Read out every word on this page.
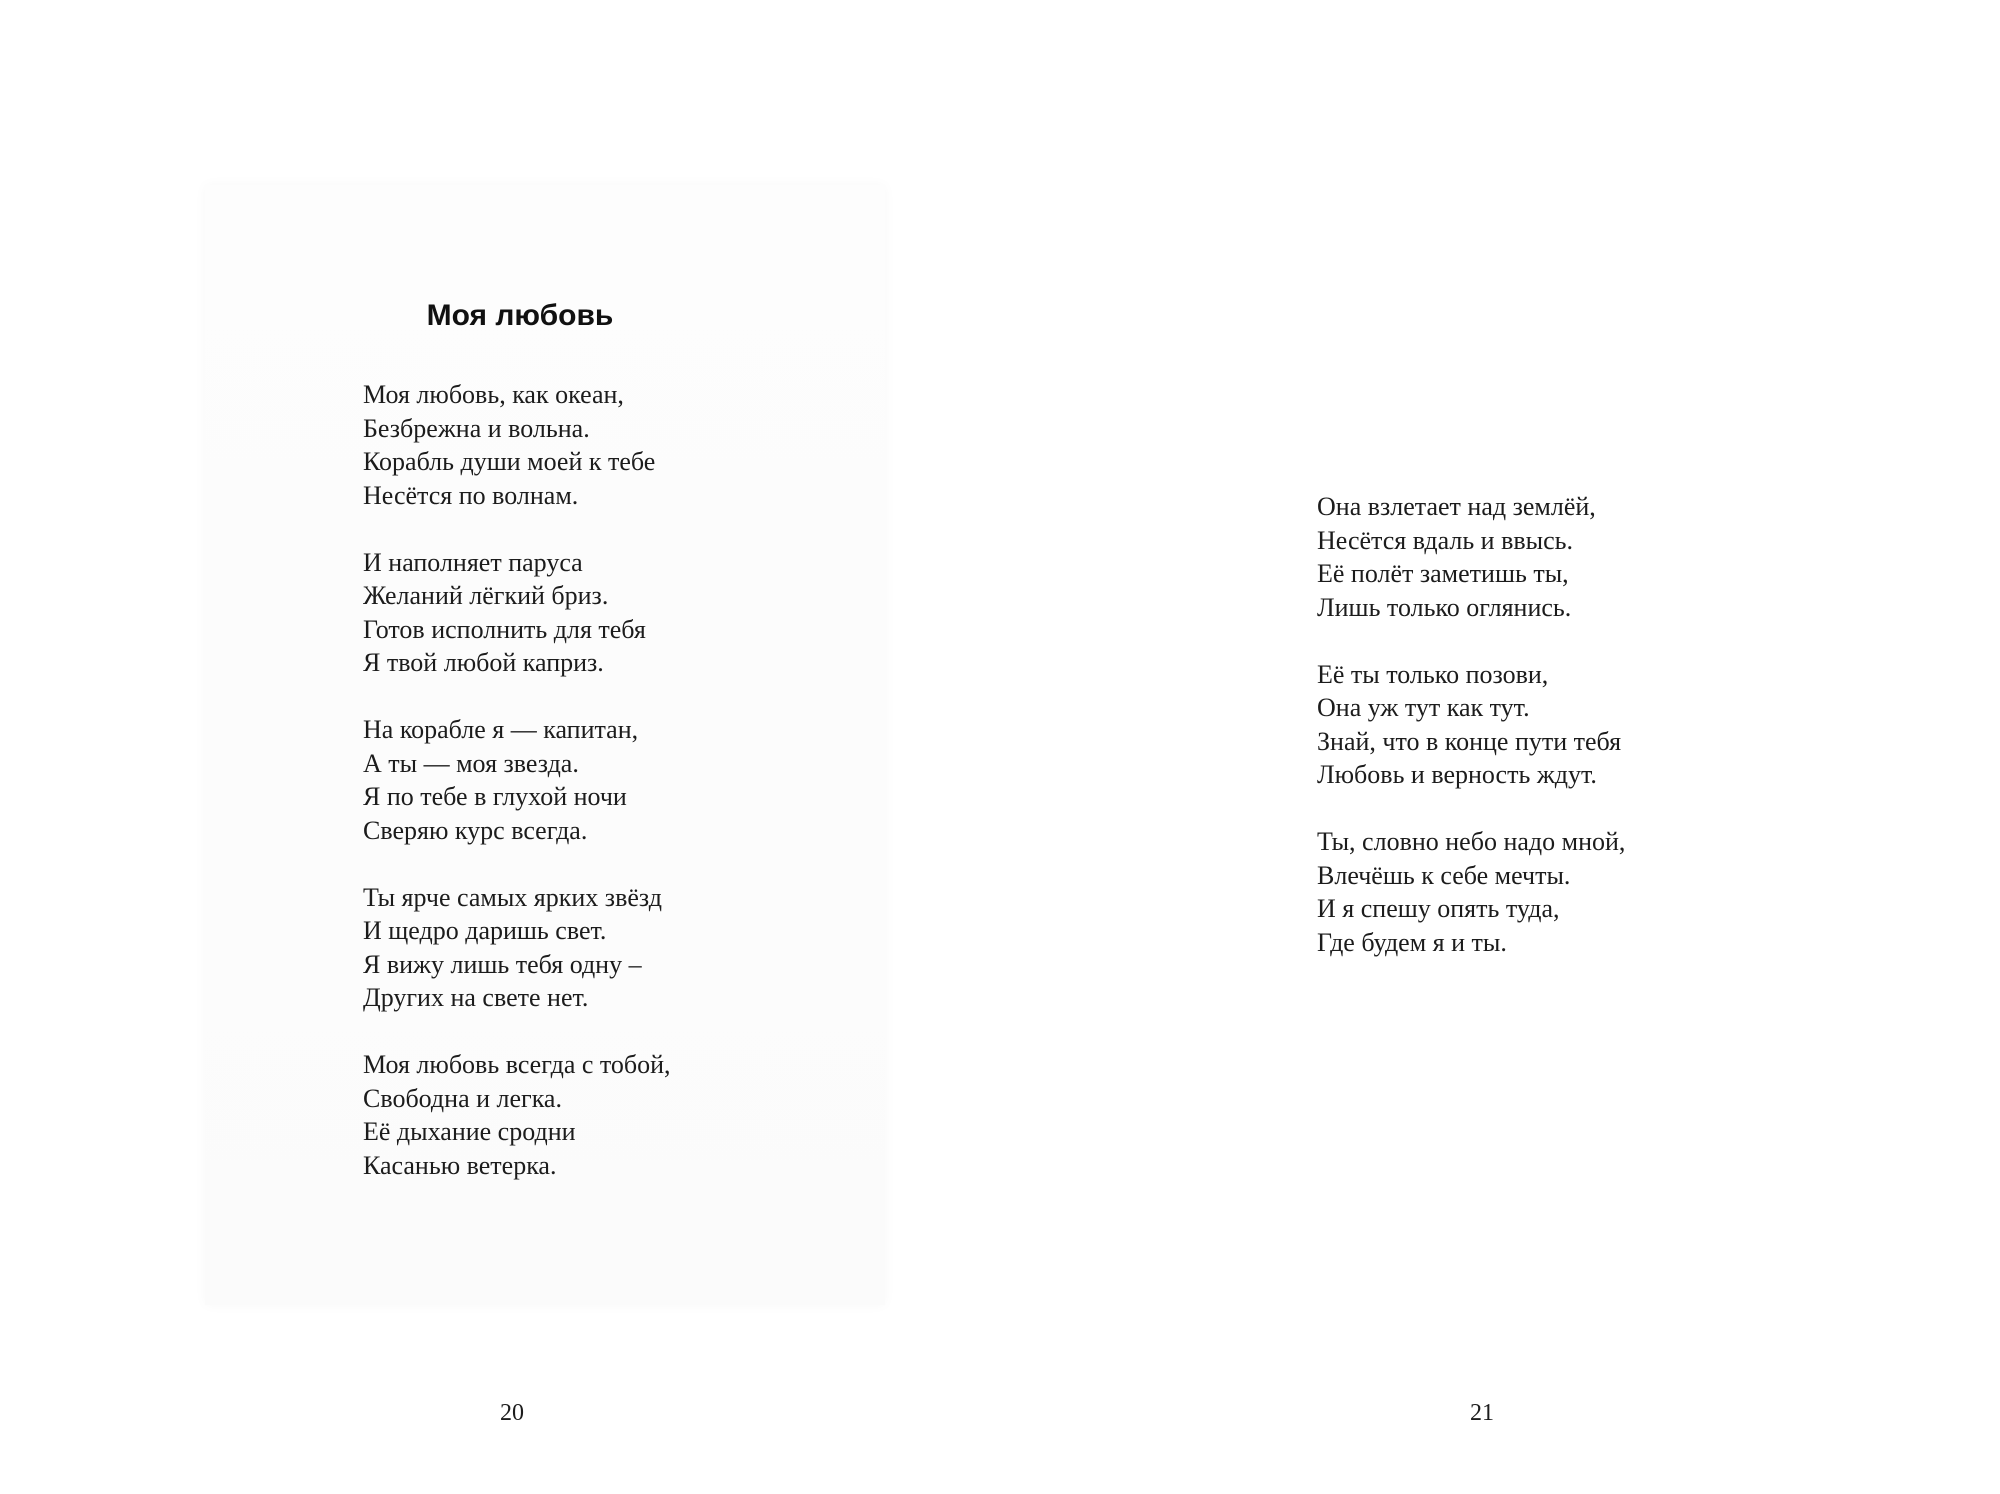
Моя любовь
Моя любовь, как океан,
Безбрежна и вольна.
Корабль души моей к тебе
Несётся по волнам.
И наполняет паруса
Желаний лёгкий бриз.
Готов исполнить для тебя
Я твой любой каприз.
На корабле я — капитан,
А ты — моя звезда.
Я по тебе в глухой ночи
Сверяю курс всегда.
Ты ярче самых ярких звёзд
И щедро даришь свет.
Я вижу лишь тебя одну –
Других на свете нет.
Моя любовь всегда с тобой,
Свободна и легка.
Её дыхание сродни
Касанью ветерка.
20
Она взлетает над землёй,
Несётся вдаль и ввысь.
Её полёт заметишь ты,
Лишь только оглянись.
Её ты только позови,
Она уж тут как тут.
Знай, что в конце пути тебя
Любовь и верность ждут.
Ты, словно небо надо мной,
Влечёшь к себе мечты.
И я спешу опять туда,
Где будем я и ты.
21
